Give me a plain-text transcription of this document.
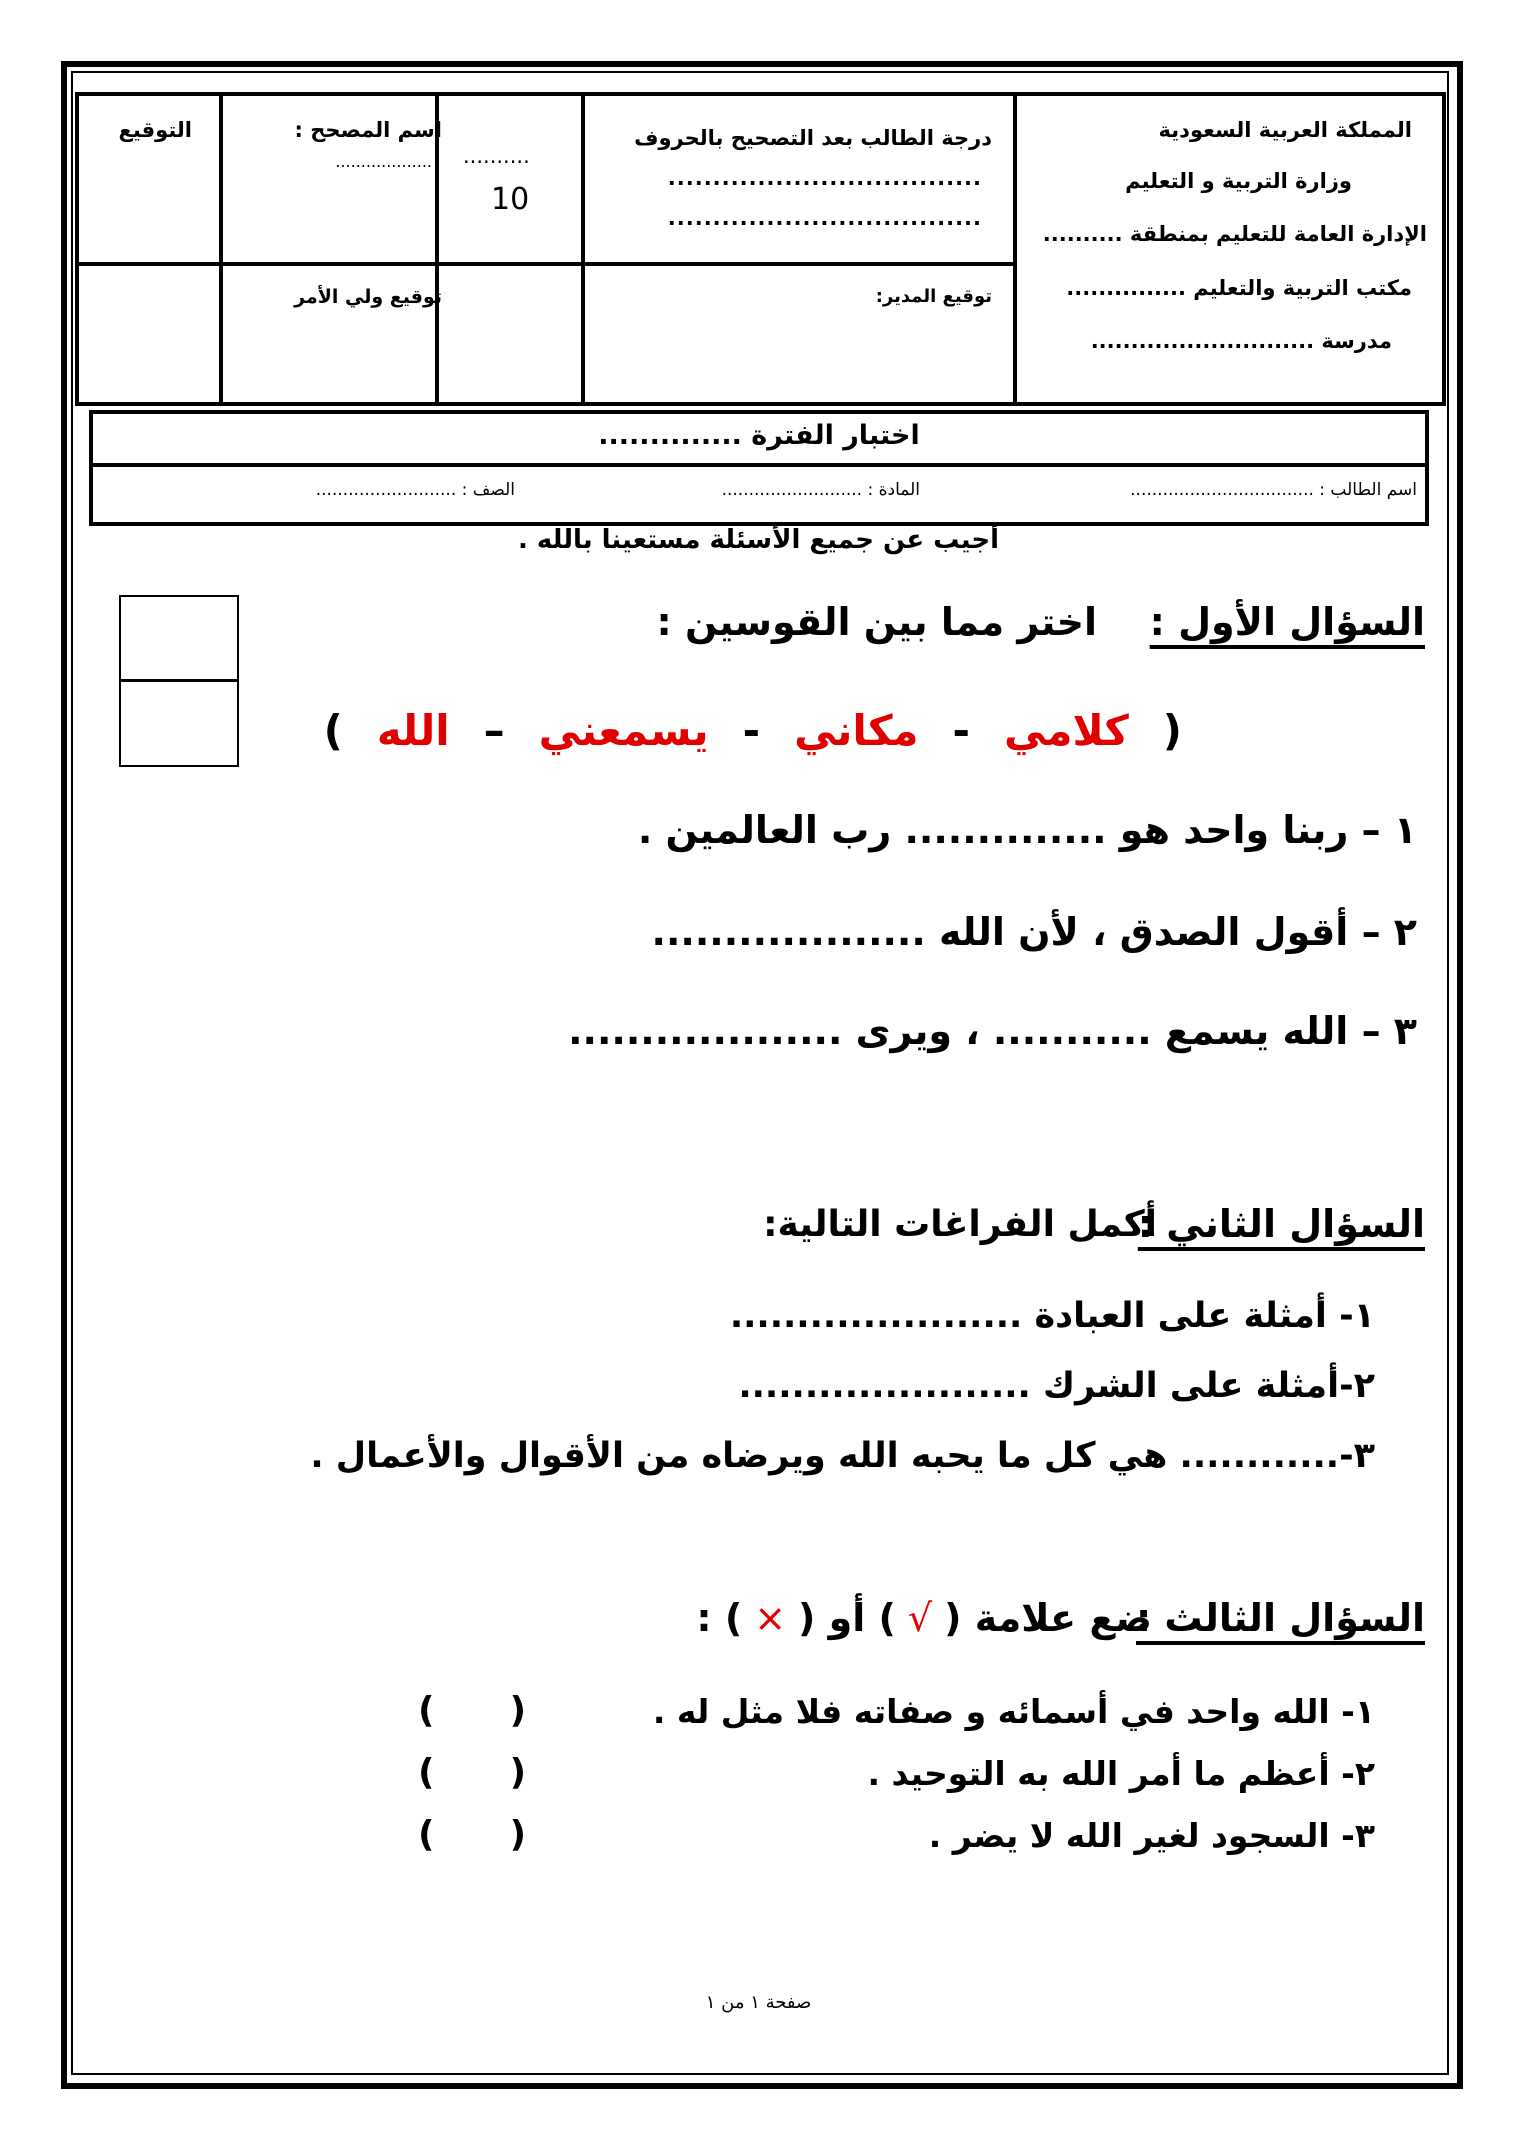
المملكة العربية السعودية
وزارة التربية و التعليم
الإدارة العامة للتعليم بمنطقة ..........
مكتب التربية والتعليم ...............
مدرسة ............................
درجة الطالب بعد التصحيح بالحروف
...................................
...................................
توقيع المدير:
..........
10
اسم المصحح :
...................
توقيع ولي الأمر
التوقيع
اختبار الفترة ..............
اسم الطالب : ..................................
المادة : ..........................
الصف : ..........................
أجيب عن جميع الأسئلة مستعينا بالله .
السؤال الأول :
اختر مما بين القوسين :
(
كلامي
-
مكاني
-
يسمعني
–
الله
)
١ – ربنا واحد هو .............. رب العالمين .
٢ – أقول الصدق ، لأن الله ...................
٣ – الله يسمع ........... ، ويرى ...................
السؤال الثاني :
أكمل الفراغات التالية:
١- أمثلة على العبادة ......................
٢-أمثلة على الشرك ......................
٣-............ هي كل ما يحبه الله ويرضاه من الأقوال والأعمال .
السؤال الثالث :
ضع علامة (
√
) أو (
×
) :
١- الله واحد في أسمائه و صفاته فلا مثل له .
٢- أعظم ما أمر الله به التوحيد .
٣- السجود لغير الله لا يضر .
(      )
(      )
(      )
صفحة ١ من ١
